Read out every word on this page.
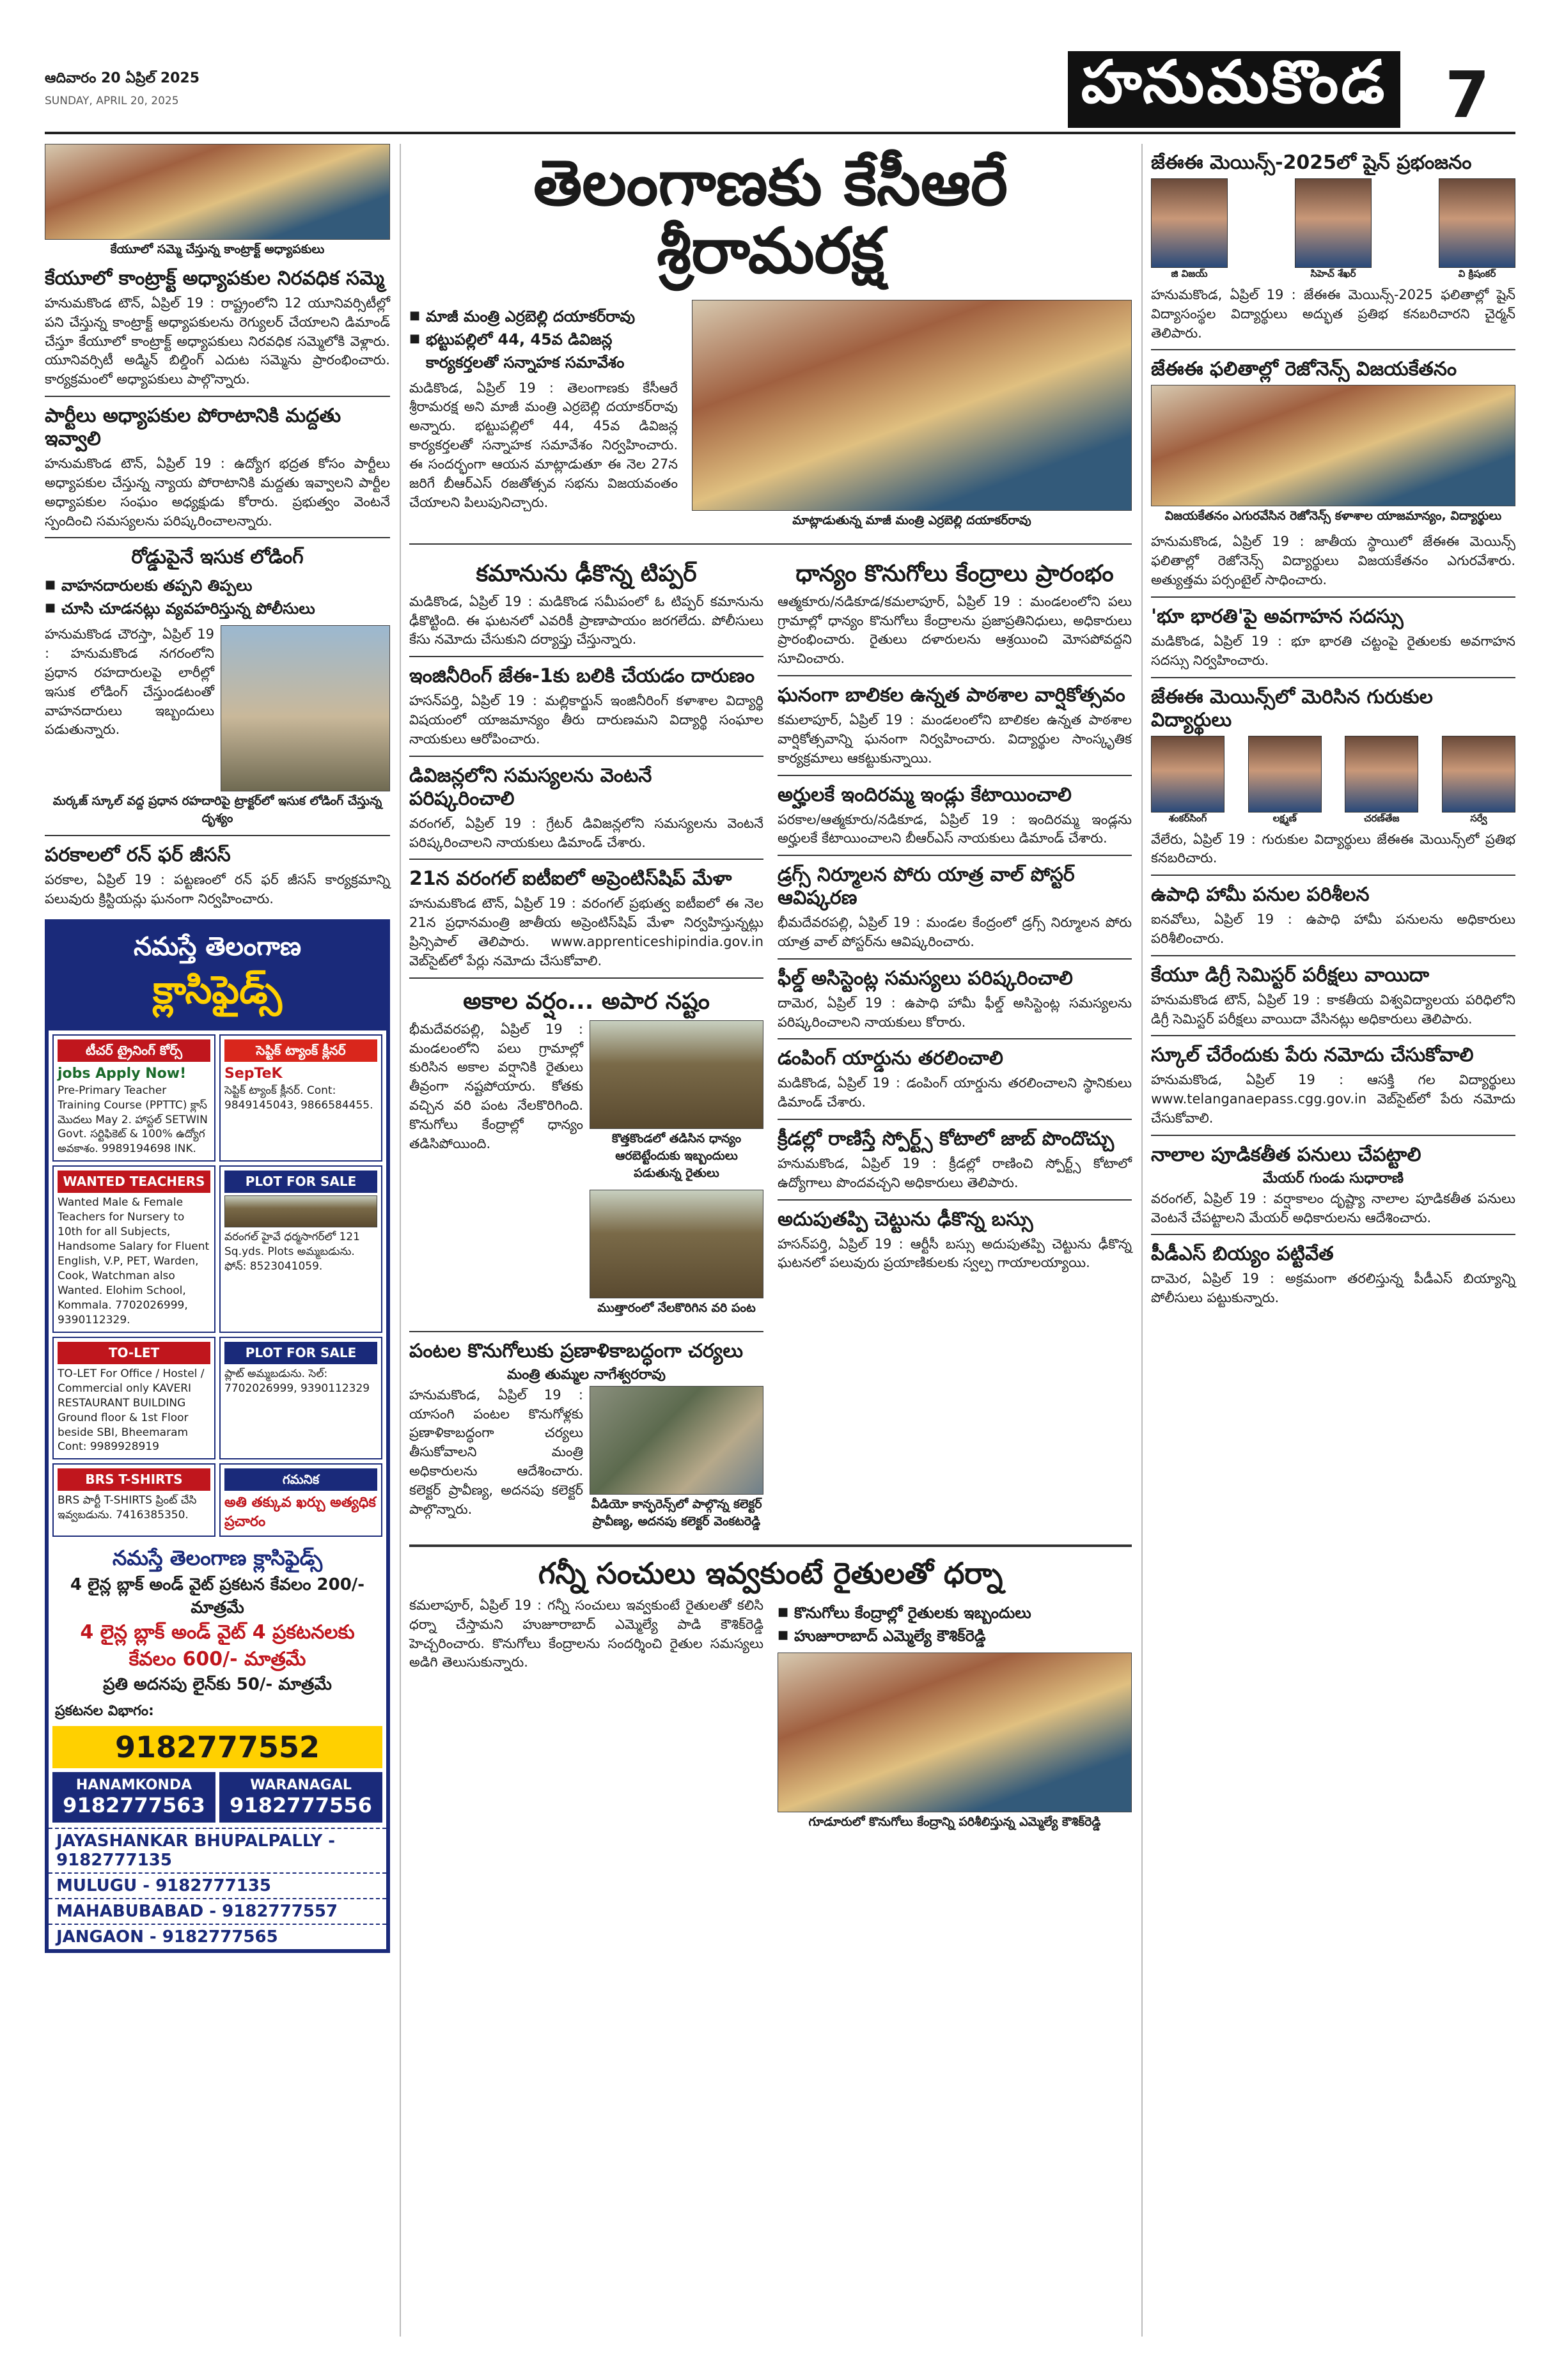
ఆదివారం 20 ఏప్రిల్ 2025
SUNDAY, APRIL 20, 2025	హనుమకొండ 7
కేయూలో సమ్మె చేస్తున్న కాంట్రాక్ట్ అధ్యాపకులు
కేయూలో కాంట్రాక్ట్ అధ్యాపకుల నిరవధిక సమ్మె

హనుమకొండ టౌన్, ఏప్రిల్ 19 : రాష్ట్రంలోని 12 యూనివర్సిటీల్లో పని చేస్తున్న కాంట్రాక్ట్ అధ్యాపకులను రెగ్యులర్ చేయాలని డిమాండ్ చేస్తూ కేయూలో కాంట్రాక్ట్ అధ్యాపకులు నిరవధిక సమ్మెలోకి వెళ్లారు. యూనివర్సిటీ అడ్మిన్ బిల్డింగ్ ఎదుట సమ్మెను ప్రారంభించారు. కార్యక్రమంలో అధ్యాపకులు పాల్గొన్నారు.

పార్టీలు అధ్యాపకుల పోరాటానికి మద్దతు ఇవ్వాలి

హనుమకొండ టౌన్, ఏప్రిల్ 19 : ఉద్యోగ భద్రత కోసం పార్టీలు అధ్యాపకుల చేస్తున్న న్యాయ పోరాటానికి మద్దతు ఇవ్వాలని పార్టీల అధ్యాపకుల సంఘం అధ్యక్షుడు కోరారు. ప్రభుత్వం వెంటనే స్పందించి సమస్యలను పరిష్కరించాలన్నారు.

రోడ్డుపైనే ఇసుక లోడింగ్
■ వాహనదారులకు తప్పని తిప్పలు
■ చూసి చూడనట్లు వ్యవహరిస్తున్న పోలీసులు

హనుమకొండ చౌరస్తా, ఏప్రిల్ 19 : హనుమకొండ నగరంలోని ప్రధాన రహదారులపై లారీల్లో ఇసుక లోడింగ్ చేస్తుండటంతో వాహనదారులు ఇబ్బందులు పడుతున్నారు.

మర్కజ్ స్కూల్ వద్ద ప్రధాన రహదారిపై ట్రాక్టర్‌లో ఇసుక లోడింగ్ చేస్తున్న దృశ్యం
పరకాలలో రన్ ఫర్ జీసస్

పరకాల, ఏప్రిల్ 19 : పట్టణంలో రన్ ఫర్ జీసస్ కార్యక్రమాన్ని పలువురు క్రిస్టియన్లు ఘనంగా నిర్వహించారు.

నమస్తే తెలంగాణ
క్లాసిఫైడ్స్
టీచర్ ట్రైనింగ్ కోర్స్
jobs Apply Now!
Pre-Primary Teacher Training Course (PPTTC) క్లాస్ మొదలు May 2. హాస్టల్ SETWIN Govt. సర్టిఫికెట్ & 100% ఉద్యోగ అవకాశం. 9989194698 INK.
సెప్టిక్ ట్యాంక్ క్లీనర్
SepTeK
సెప్టిక్ ట్యాంక్ క్లీనర్. Cont: 9849145043, 9866584455.
WANTED TEACHERS
Wanted Male & Female Teachers for Nursery to 10th for all Subjects, Handsome Salary for Fluent English, V.P, PET, Warden, Cook, Watchman also Wanted. Elohim School, Kommala. 7702026999, 9390112329.
PLOT FOR SALE
వరంగల్ హైవే ధర్మసాగర్‌లో 121 Sq.yds. Plots అమ్మబడును. ఫోన్: 8523041059.
TO-LET
TO-LET For Office / Hostel / Commercial only KAVERI RESTAURANT BUILDING Ground floor & 1st Floor beside SBI, Bheemaram Cont: 9989928919
PLOT FOR SALE
ప్లాట్ అమ్మబడును. సెల్: 7702026999, 9390112329
BRS T-SHIRTS
BRS పార్టీ T-SHIRTS ప్రింట్ చేసి ఇవ్వబడును. 7416385350.
గమనిక
అతి తక్కువ ఖర్చు అత్యధిక ప్రచారం
నమస్తే తెలంగాణ క్లాసిఫైడ్స్
4 లైన్ల బ్లాక్ అండ్ వైట్ ప్రకటన కేవలం 200/- మాత్రమే
4 లైన్ల బ్లాక్ అండ్ వైట్ 4 ప్రకటనలకు కేవలం 600/- మాత్రమే
ప్రతి అదనపు లైన్‌కు 50/- మాత్రమే
ప్రకటనల విభాగం:
9182777552
HANAMKONDA
9182777563
WARANAGAL
9182777556
JAYASHANKAR BHUPALPALLY - 9182777135
MULUGU - 9182777135
MAHABUBABAD - 9182777557
JANGAON - 9182777565
తెలంగాణకు కేసీఆరే శ్రీరామరక్ష
■ మాజీ మంత్రి ఎర్రబెల్లి దయాకర్‌రావు
■ భట్టుపల్లిలో 44, 45వ డివిజన్ల కార్యకర్తలతో సన్నాహక సమావేశం

మడికొండ, ఏప్రిల్ 19 : తెలంగాణకు కేసీఆరే శ్రీరామరక్ష అని మాజీ మంత్రి ఎర్రబెల్లి దయాకర్‌రావు అన్నారు. భట్టుపల్లిలో 44, 45వ డివిజన్ల కార్యకర్తలతో సన్నాహక సమావేశం నిర్వహించారు. ఈ సందర్భంగా ఆయన మాట్లాడుతూ ఈ నెల 27న జరిగే బీఆర్‌ఎస్ రజతోత్సవ సభను విజయవంతం చేయాలని పిలుపునిచ్చారు.

మాట్లాడుతున్న మాజీ మంత్రి ఎర్రబెల్లి దయాకర్‌రావు
కమానును ఢీకొన్న టిప్పర్

మడికొండ, ఏప్రిల్ 19 : మడికొండ సమీపంలో ఓ టిప్పర్ కమానును ఢీకొట్టింది. ఈ ఘటనలో ఎవరికీ ప్రాణాపాయం జరగలేదు. పోలీసులు కేసు నమోదు చేసుకుని దర్యాప్తు చేస్తున్నారు.

ఇంజినీరింగ్ జేఈ-1కు బలికి చేయడం దారుణం

హసన్‌పర్తి, ఏప్రిల్ 19 : మల్లికార్జున్ ఇంజినీరింగ్ కళాశాల విద్యార్థి విషయంలో యాజమాన్యం తీరు దారుణమని విద్యార్థి సంఘాల నాయకులు ఆరోపించారు.

డివిజన్లలోని సమస్యలను వెంటనే పరిష్కరించాలి

వరంగల్, ఏప్రిల్ 19 : గ్రేటర్ డివిజన్లలోని సమస్యలను వెంటనే పరిష్కరించాలని నాయకులు డిమాండ్ చేశారు.

21న వరంగల్ ఐటీఐలో అప్రెంటిస్‌షిప్ మేళా

హనుమకొండ టౌన్, ఏప్రిల్ 19 : వరంగల్ ప్రభుత్వ ఐటీఐలో ఈ నెల 21న ప్రధానమంత్రి జాతీయ అప్రెంటిస్‌షిప్ మేళా నిర్వహిస్తున్నట్లు ప్రిన్సిపాల్ తెలిపారు. www.apprenticeshipindia.gov.in వెబ్‌సైట్‌లో పేర్లు నమోదు చేసుకోవాలి.

అకాల వర్షం... అపార నష్టం

భీమదేవరపల్లి, ఏప్రిల్ 19 : మండలంలోని పలు గ్రామాల్లో కురిసిన అకాల వర్షానికి రైతులు తీవ్రంగా నష్టపోయారు. కోతకు వచ్చిన వరి పంట నేలకొరిగింది. కొనుగోలు కేంద్రాల్లో ధాన్యం తడిసిపోయింది.	కొత్తకొండలో తడిసిన ధాన్యం ఆరబెట్టేందుకు ఇబ్బందులు పడుతున్న రైతులు
ముత్తారంలో నేలకొరిగిన వరి పంట
పంటల కొనుగోలుకు ప్రణాళికాబద్ధంగా చర్యలు
మంత్రి తుమ్మల నాగేశ్వరరావు

హనుమకొండ, ఏప్రిల్ 19 : యాసంగి పంటల కొనుగోళ్లకు ప్రణాళికాబద్ధంగా చర్యలు తీసుకోవాలని మంత్రి అధికారులను ఆదేశించారు. కలెక్టర్ ప్రావీణ్య, అదనపు కలెక్టర్ పాల్గొన్నారు.	వీడియో కాన్ఫరెన్స్‌లో పాల్గొన్న కలెక్టర్ ప్రావీణ్య, అదనపు కలెక్టర్ వెంకటరెడ్డి
ధాన్యం కొనుగోలు కేంద్రాలు ప్రారంభం

ఆత్మకూరు/నడికూడ/కమలాపూర్, ఏప్రిల్ 19 : మండలంలోని పలు గ్రామాల్లో ధాన్యం కొనుగోలు కేంద్రాలను ప్రజాప్రతినిధులు, అధికారులు ప్రారంభించారు. రైతులు దళారులను ఆశ్రయించి మోసపోవద్దని సూచించారు.

ఘనంగా బాలికల ఉన్నత పాఠశాల వార్షికోత్సవం

కమలాపూర్, ఏప్రిల్ 19 : మండలంలోని బాలికల ఉన్నత పాఠశాల వార్షికోత్సవాన్ని ఘనంగా నిర్వహించారు. విద్యార్థుల సాంస్కృతిక కార్యక్రమాలు ఆకట్టుకున్నాయి.

అర్హులకే ఇందిరమ్మ ఇండ్లు కేటాయించాలి

పరకాల/ఆత్మకూరు/నడికూడ, ఏప్రిల్ 19 : ఇందిరమ్మ ఇండ్లను అర్హులకే కేటాయించాలని బీఆర్‌ఎస్ నాయకులు డిమాండ్ చేశారు.

డ్రగ్స్ నిర్మూలన పోరు యాత్ర వాల్ పోస్టర్ ఆవిష్కరణ

భీమదేవరపల్లి, ఏప్రిల్ 19 : మండల కేంద్రంలో డ్రగ్స్ నిర్మూలన పోరు యాత్ర వాల్ పోస్టర్‌ను ఆవిష్కరించారు.

ఫీల్డ్ అసిస్టెంట్ల సమస్యలు పరిష్కరించాలి

దామెర, ఏప్రిల్ 19 : ఉపాధి హామీ ఫీల్డ్ అసిస్టెంట్ల సమస్యలను పరిష్కరించాలని నాయకులు కోరారు.

డంపింగ్ యార్డును తరలించాలి

మడికొండ, ఏప్రిల్ 19 : డంపింగ్ యార్డును తరలించాలని స్థానికులు డిమాండ్ చేశారు.

క్రీడల్లో రాణిస్తే స్పోర్ట్స్ కోటాలో జాబ్ పొందొచ్చు

హనుమకొండ, ఏప్రిల్ 19 : క్రీడల్లో రాణించి స్పోర్ట్స్ కోటాలో ఉద్యోగాలు పొందవచ్చని అధికారులు తెలిపారు.

అదుపుతప్పి చెట్టును ఢీకొన్న బస్సు

హసన్‌పర్తి, ఏప్రిల్ 19 : ఆర్టీసీ బస్సు అదుపుతప్పి చెట్టును ఢీకొన్న ఘటనలో పలువురు ప్రయాణికులకు స్వల్ప గాయాలయ్యాయి.

గన్నీ సంచులు ఇవ్వకుంటే రైతులతో ధర్నా

కమలాపూర్, ఏప్రిల్ 19 : గన్నీ సంచులు ఇవ్వకుంటే రైతులతో కలిసి ధర్నా చేస్తామని హుజూరాబాద్ ఎమ్మెల్యే పాడి కౌశిక్‌రెడ్డి హెచ్చరించారు. కొనుగోలు కేంద్రాలను సందర్శించి రైతుల సమస్యలు అడిగి తెలుసుకున్నారు.

■ కొనుగోలు కేంద్రాల్లో రైతులకు ఇబ్బందులు
■ హుజూరాబాద్ ఎమ్మెల్యే కౌశిక్‌రెడ్డి
గూడూరులో కొనుగోలు కేంద్రాన్ని పరిశీలిస్తున్న ఎమ్మెల్యే కౌశిక్‌రెడ్డి
జేఈఈ మెయిన్స్-2025లో షైన్ ప్రభంజనం
జి విజయ్	సిహెచ్ శేఖర్	వి క్రిషంకర్

హనుమకొండ, ఏప్రిల్ 19 : జేఈఈ మెయిన్స్-2025 ఫలితాల్లో షైన్ విద్యాసంస్థల విద్యార్థులు అద్భుత ప్రతిభ కనబరిచారని చైర్మన్ తెలిపారు.

జేఈఈ ఫలితాల్లో రెజోనెన్స్ విజయకేతనం
విజయకేతనం ఎగురవేసిన రెజోనెన్స్ కళాశాల యాజమాన్యం, విద్యార్థులు

హనుమకొండ, ఏప్రిల్ 19 : జాతీయ స్థాయిలో జేఈఈ మెయిన్స్ ఫలితాల్లో రెజోనెన్స్ విద్యార్థులు విజయకేతనం ఎగురవేశారు. అత్యుత్తమ పర్సంటైల్ సాధించారు.

'భూ భారతి'పై అవగాహన సదస్సు

మడికొండ, ఏప్రిల్ 19 : భూ భారతి చట్టంపై రైతులకు అవగాహన సదస్సు నిర్వహించారు.

జేఈఈ మెయిన్స్‌లో మెరిసిన గురుకుల విద్యార్థులు
శంకర్‌సింగ్	లక్ష్మణ్	చరణ్‌తేజ	సర్వే

వేలేరు, ఏప్రిల్ 19 : గురుకుల విద్యార్థులు జేఈఈ మెయిన్స్‌లో ప్రతిభ కనబరిచారు.

ఉపాధి హామీ పనుల పరిశీలన

ఐనవోలు, ఏప్రిల్ 19 : ఉపాధి హామీ పనులను అధికారులు పరిశీలించారు.

కేయూ డిగ్రీ సెమిస్టర్ పరీక్షలు వాయిదా

హనుమకొండ టౌన్, ఏప్రిల్ 19 : కాకతీయ విశ్వవిద్యాలయ పరిధిలోని డిగ్రీ సెమిస్టర్ పరీక్షలు వాయిదా వేసినట్లు అధికారులు తెలిపారు.

స్కూల్‌ చేరేందుకు పేరు నమోదు చేసుకోవాలి

హనుమకొండ, ఏప్రిల్ 19 : ఆసక్తి గల విద్యార్థులు www.telanganaepass.cgg.gov.in వెబ్‌సైట్‌లో పేరు నమోదు చేసుకోవాలి.

నాలాల పూడికతీత పనులు చేపట్టాలి
మేయర్ గుండు సుధారాణి

వరంగల్, ఏప్రిల్ 19 : వర్షాకాలం దృష్ట్యా నాలాల పూడికతీత పనులు వెంటనే చేపట్టాలని మేయర్ అధికారులను ఆదేశించారు.

పీడీఎస్ బియ్యం పట్టివేత

దామెర, ఏప్రిల్ 19 : అక్రమంగా తరలిస్తున్న పీడీఎస్ బియ్యాన్ని పోలీసులు పట్టుకున్నారు.
